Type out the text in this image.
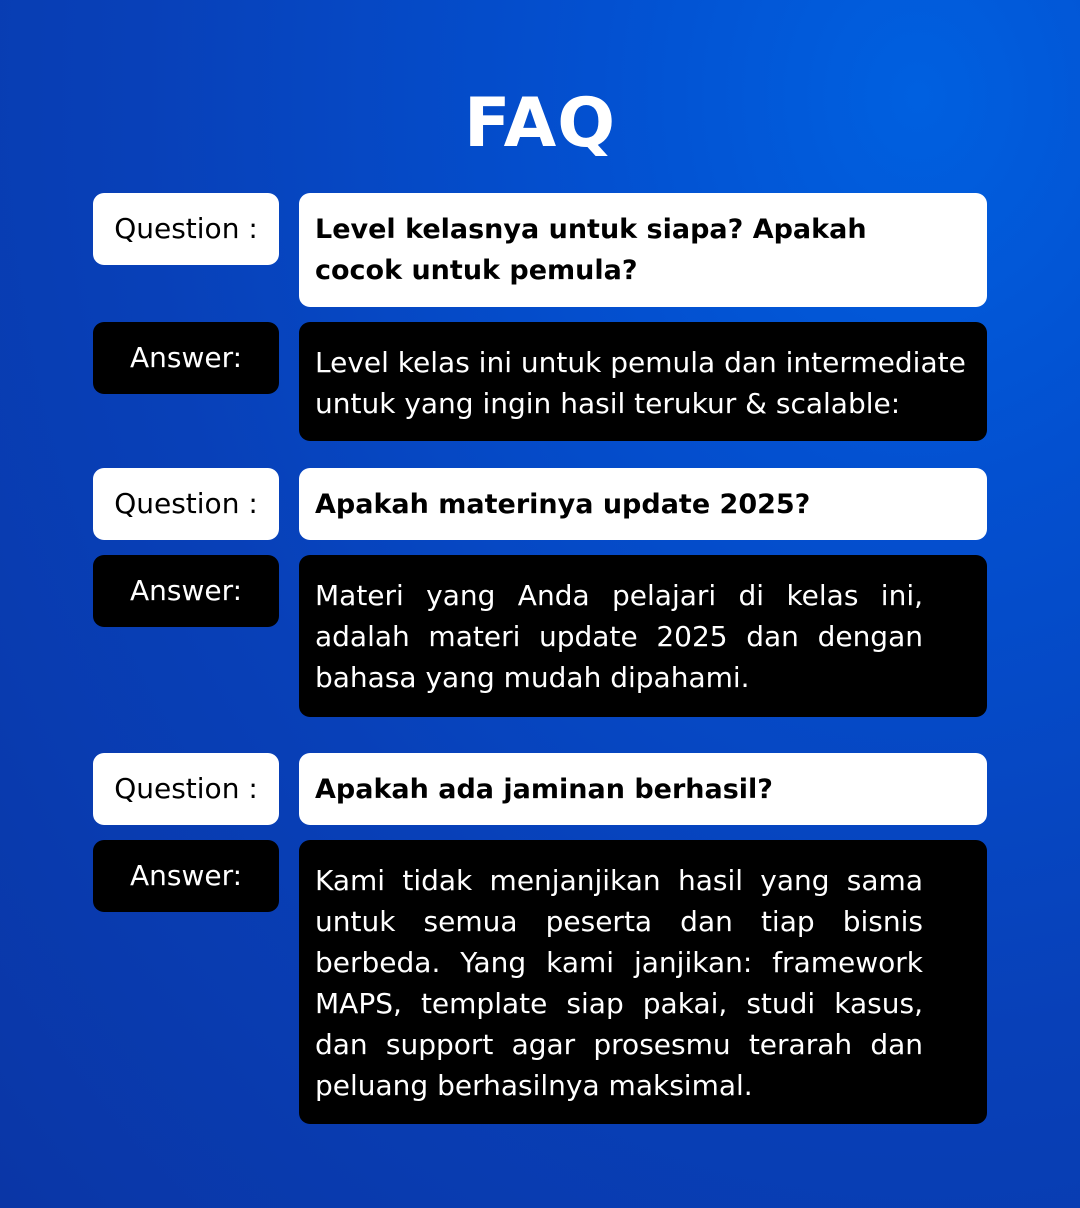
FAQ
Question :	Level kelasnya untuk siapa? Apakah cocok untuk pemula?
Answer:	Level kelas ini untuk pemula dan intermediate untuk yang ingin hasil terukur & scalable:
Question :	Apakah materinya update 2025?
Answer:	Materi yang Anda pelajari di kelas ini, adalah materi update 2025 dan dengan bahasa yang mudah dipahami.
Question :	Apakah ada jaminan berhasil?
Answer:	Kami tidak menjanjikan hasil yang sama untuk semua peserta dan tiap bisnis berbeda. Yang kami janjikan: framework MAPS, template siap pakai, studi kasus, dan support agar prosesmu terarah dan peluang berhasilnya maksimal.
